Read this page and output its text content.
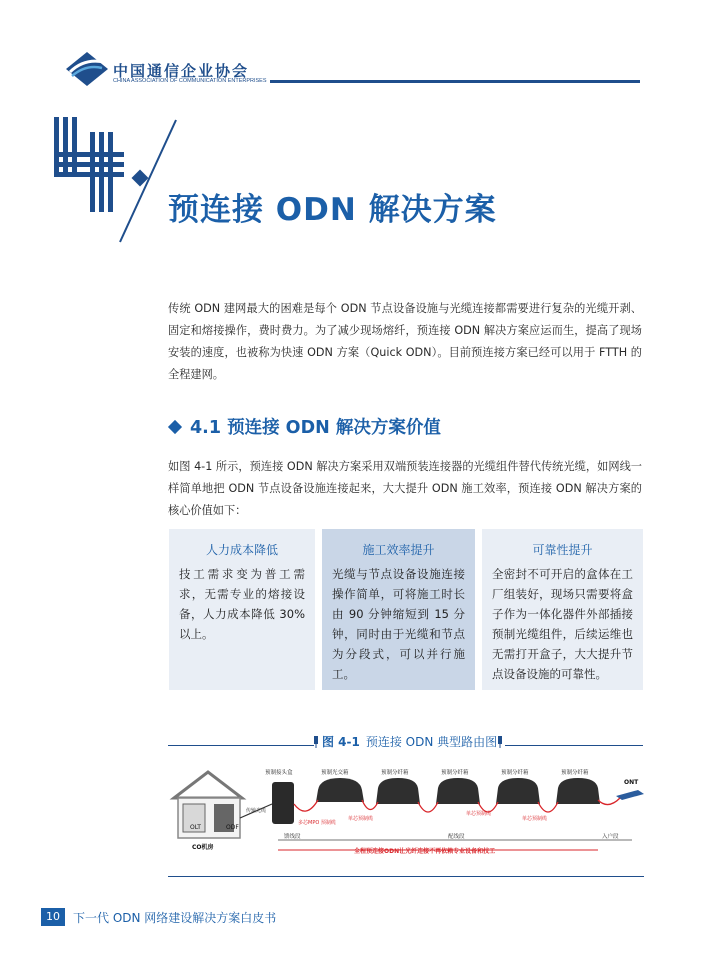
中国通信企业协会
CHINA ASSOCIATION OF COMMUNICATION ENTERPRISES
预连接 ODN 解决方案

传统 ODN 建网最大的困难是每个 ODN 节点设备设施与光缆连接都需要进行复杂的光缆开剥、固定和熔接操作，费时费力。为了减少现场熔纤，预连接 ODN 解决方案应运而生，提高了现场安装的速度，也被称为快速 ODN 方案（Quick ODN）。目前预连接方案已经可以用于 FTTH 的全程建网。

4.1 预连接 ODN 解决方案价值

如图 4-1 所示，预连接 ODN 解决方案采用双端预装连接器的光缆组件替代传统光缆，如网线一样简单地把 ODN 节点设备设施连接起来，大大提升 ODN 施工效率，预连接 ODN 解决方案的核心价值如下：

人力成本降低
技工需求变为普工需求，无需专业的熔接设备，人力成本降低 30% 以上。
施工效率提升
光缆与节点设备设施连接操作简单，可将施工时长由 90 分钟缩短到 15 分钟，同时由于光缆和节点为分段式，可以并行施工。
可靠性提升
全密封不可开启的盒体在工厂组装好，现场只需要将盒子作为一体化器件外部插接预制光缆组件，后续运维也无需打开盒子，大大提升节点设备设施的可靠性。
图 4-1 预连接 ODN 典型路由图
OLT	ODF
传输光缆
CO机房
预制接头盒	预制光交箱	预制分纤箱	预制分纤箱	预制分纤箱	预制分纤箱
ONT
多芯MPO 预制缆
单芯预制缆
单芯预制缆
单芯预制缆
馈线段	配线段	入户段
全程预连接ODN让光纤连接不再依赖专业设备和技工
10	下一代 ODN 网络建设解决方案白皮书
